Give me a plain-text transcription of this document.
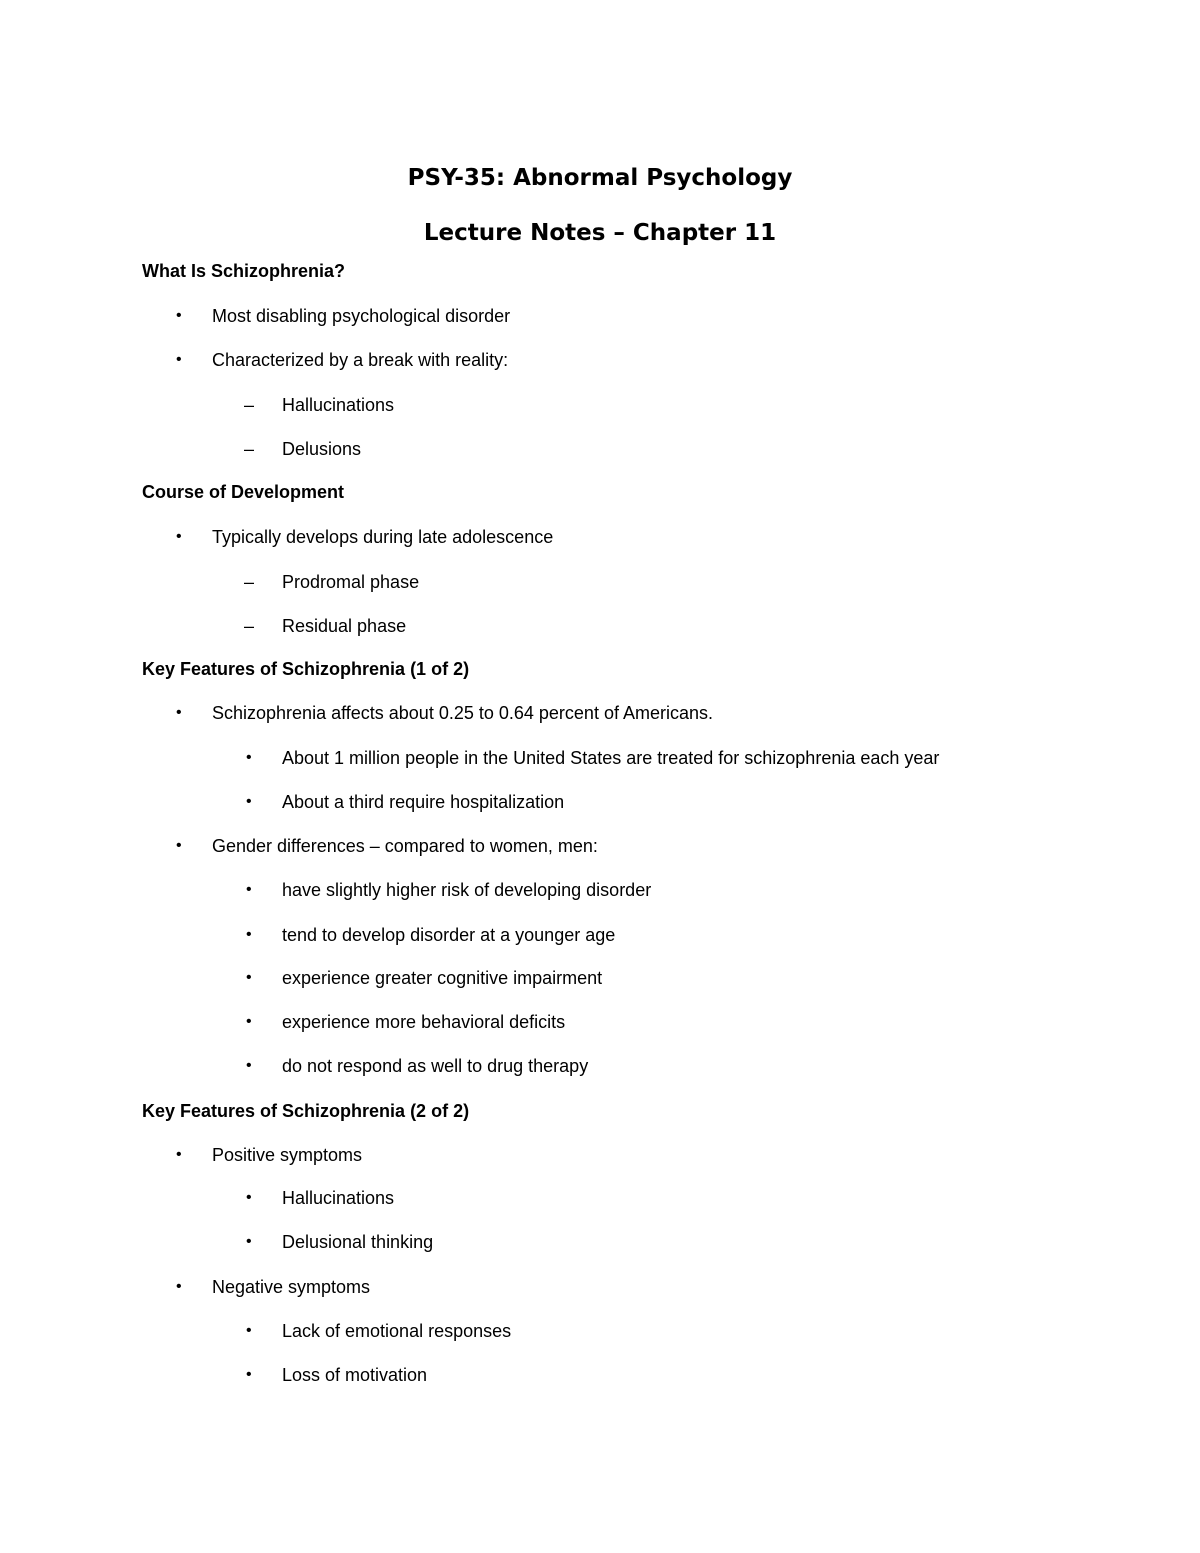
PSY-35: Abnormal Psychology
Lecture Notes – Chapter 11
What Is Schizophrenia?
• Most disabling psychological disorder
• Characterized by a break with reality:
– Hallucinations
– Delusions
Course of Development
• Typically develops during late adolescence
– Prodromal phase
– Residual phase
Key Features of Schizophrenia (1 of 2)
• Schizophrenia affects about 0.25 to 0.64 percent of Americans.
• About 1 million people in the United States are treated for schizophrenia each year
• About a third require hospitalization
• Gender differences – compared to women, men:
• have slightly higher risk of developing disorder
• tend to develop disorder at a younger age
• experience greater cognitive impairment
• experience more behavioral deficits
• do not respond as well to drug therapy
Key Features of Schizophrenia (2 of 2)
• Positive symptoms
• Hallucinations
• Delusional thinking
• Negative symptoms
• Lack of emotional responses
• Loss of motivation
